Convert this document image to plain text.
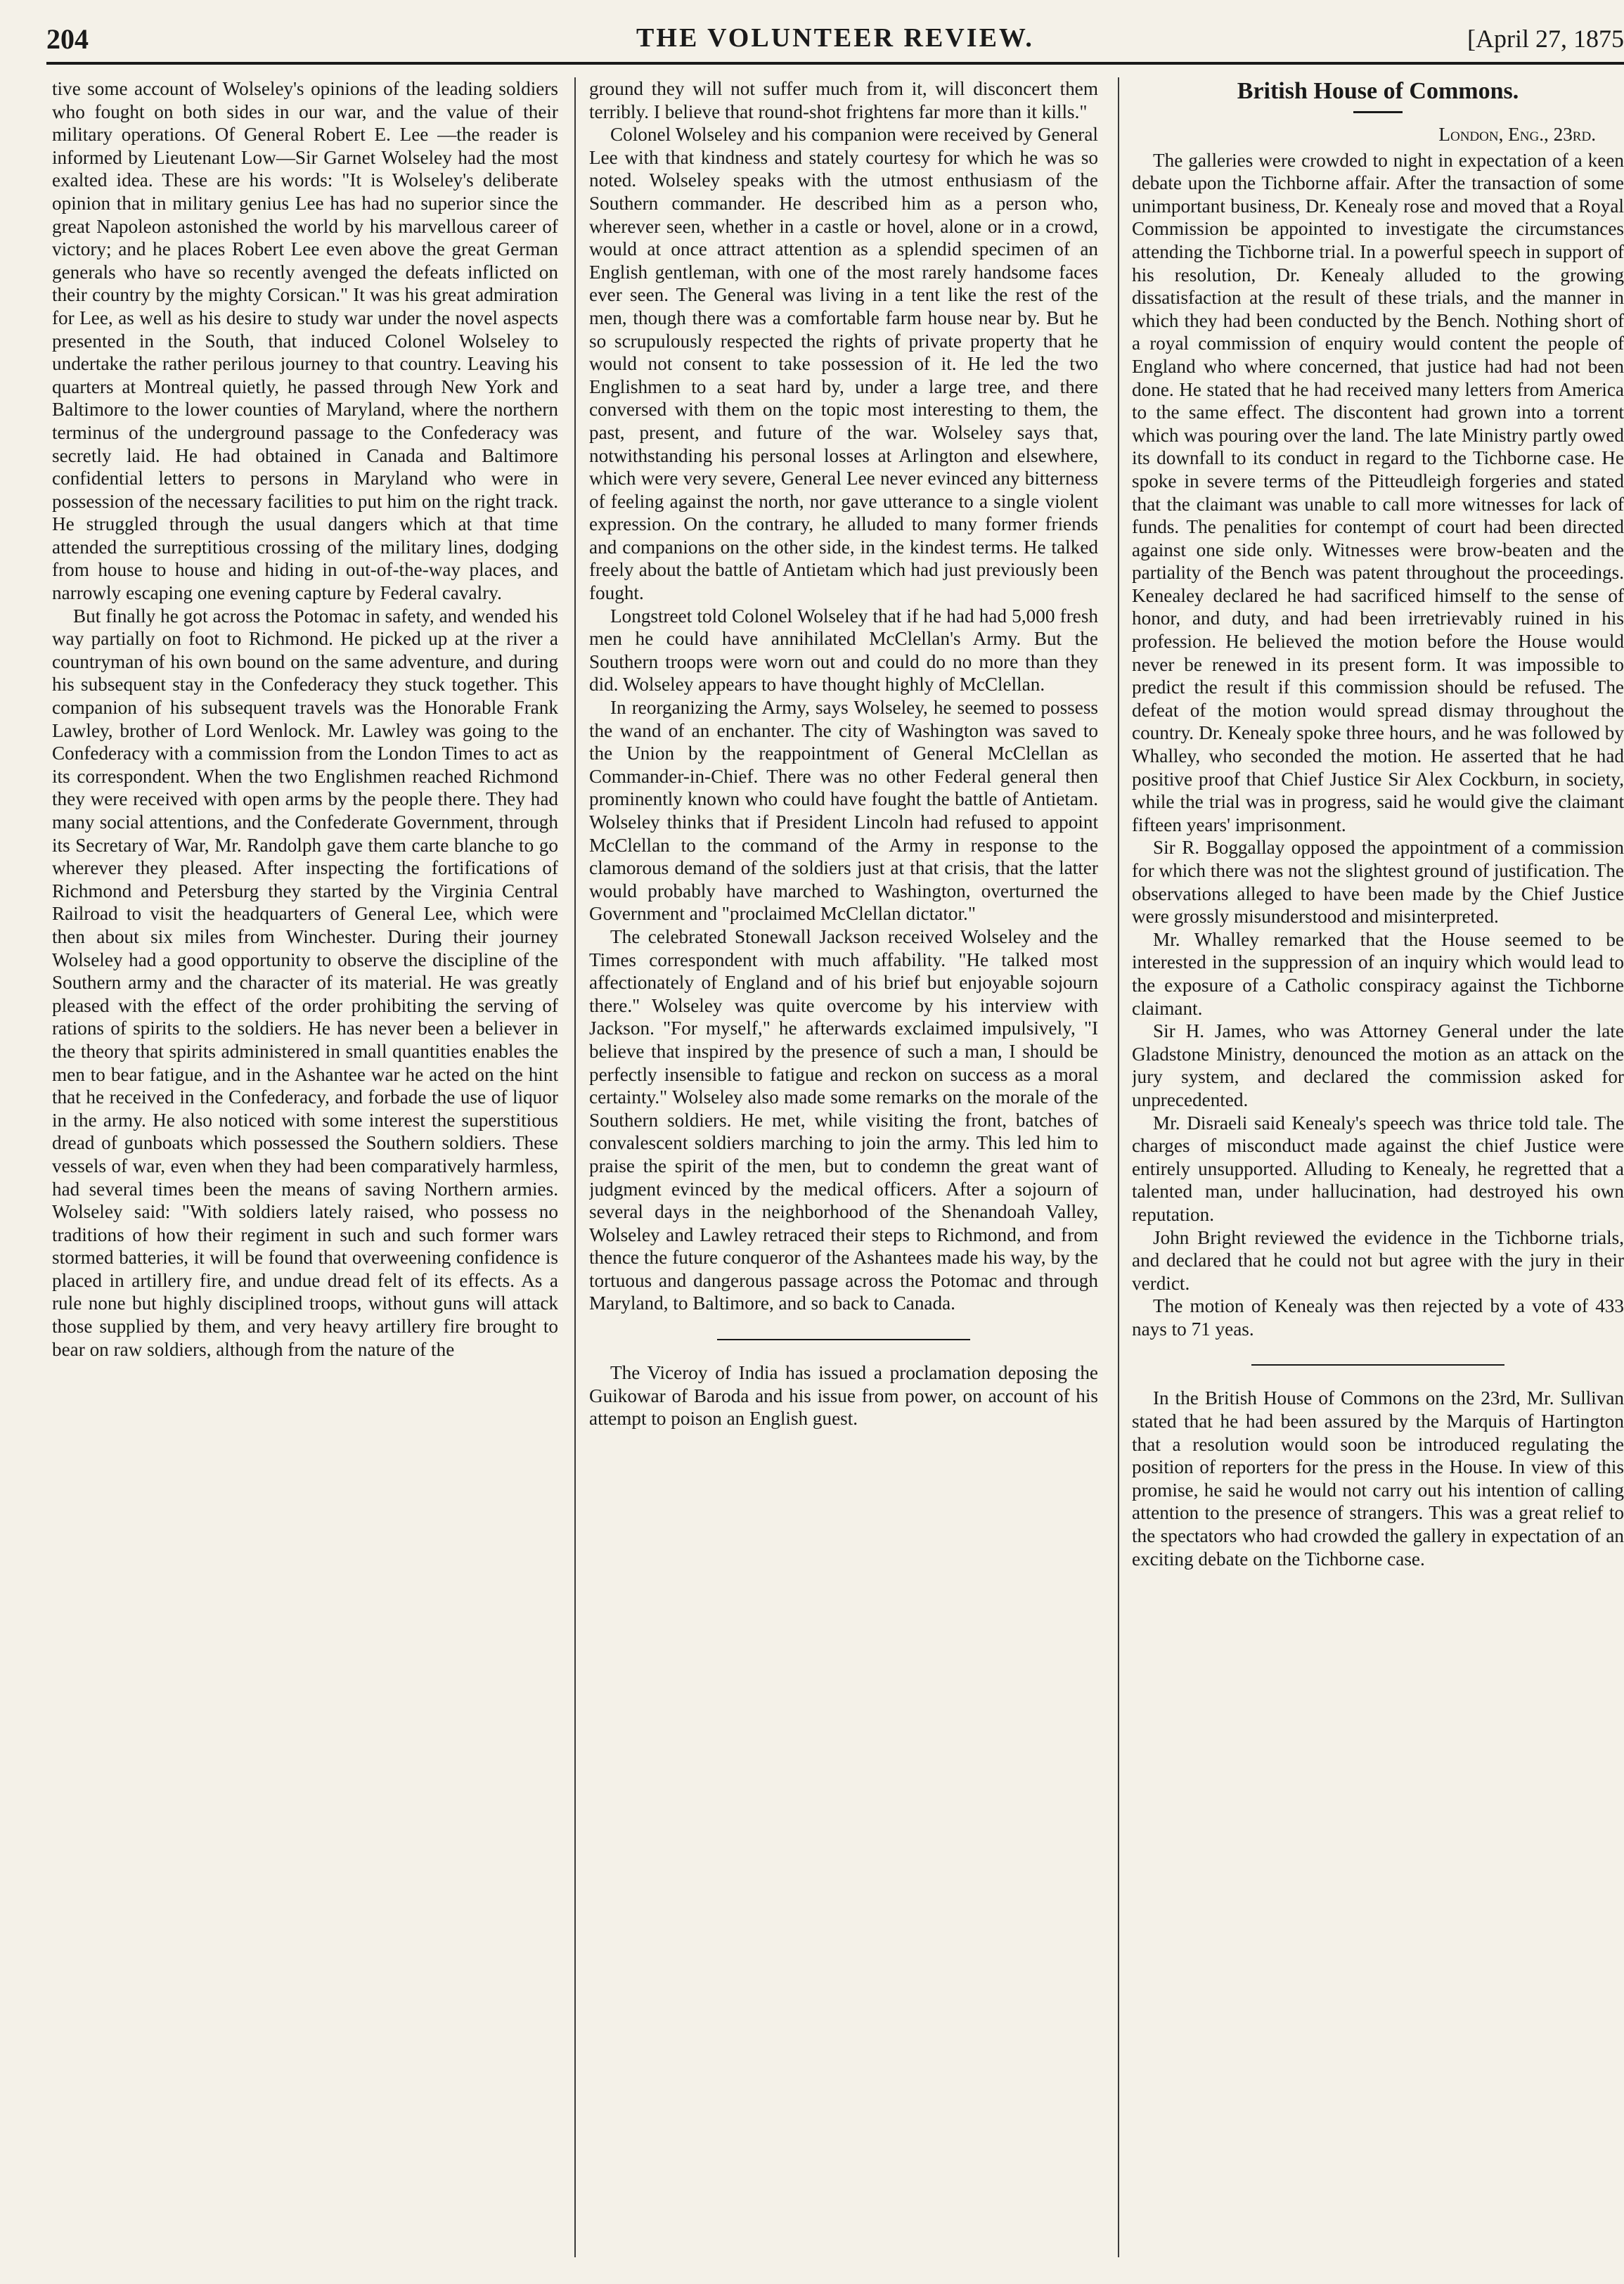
204	THE VOLUNTEER REVIEW.	[April 27, 1875

tive some account of Wolseley's opinions of the leading soldiers who fought on both sides in our war, and the value of their military operations. Of General Robert E. Lee —the reader is informed by Lieutenant Low—Sir Garnet Wolseley had the most exalted idea. These are his words: "It is Wolseley's deliberate opinion that in military genius Lee has had no superior since the great Napoleon astonished the world by his marvellous career of victory; and he places Robert Lee even above the great German generals who have so recently avenged the defeats inflicted on their country by the mighty Corsican." It was his great admiration for Lee, as well as his desire to study war under the novel aspects presented in the South, that induced Colonel Wolseley to undertake the rather perilous journey to that country. Leaving his quarters at Montreal quietly, he passed through New York and Baltimore to the lower counties of Maryland, where the northern terminus of the underground passage to the Confederacy was secretly laid. He had obtained in Canada and Baltimore confidential letters to persons in Maryland who were in possession of the necessary facilities to put him on the right track. He struggled through the usual dangers which at that time attended the surreptitious crossing of the military lines, dodging from house to house and hiding in out-of-the-way places, and narrowly escaping one evening capture by Federal cavalry.

But finally he got across the Potomac in safety, and wended his way partially on foot to Richmond. He picked up at the river a countryman of his own bound on the same adventure, and during his subsequent stay in the Confederacy they stuck together. This companion of his subsequent travels was the Honorable Frank Lawley, brother of Lord Wenlock. Mr. Lawley was going to the Confederacy with a commission from the London Times to act as its correspondent. When the two Englishmen reached Richmond they were received with open arms by the people there. They had many social attentions, and the Confederate Government, through its Secretary of War, Mr. Randolph gave them carte blanche to go wherever they pleased. After inspecting the fortifications of Richmond and Petersburg they started by the Virginia Central Railroad to visit the headquarters of General Lee, which were then about six miles from Winchester. During their journey Wolseley had a good opportunity to observe the discipline of the Southern army and the character of its material. He was greatly pleased with the effect of the order prohibiting the serving of rations of spirits to the soldiers. He has never been a believer in the theory that spirits administered in small quantities enables the men to bear fatigue, and in the Ashantee war he acted on the hint that he received in the Confederacy, and forbade the use of liquor in the army. He also noticed with some interest the superstitious dread of gunboats which possessed the Southern soldiers. These vessels of war, even when they had been comparatively harmless, had several times been the means of saving Northern armies. Wolseley said: "With soldiers lately raised, who possess no traditions of how their regiment in such and such former wars stormed batteries, it will be found that overweening confidence is placed in artillery fire, and undue dread felt of its effects. As a rule none but highly disciplined troops, without guns will attack those supplied by them, and very heavy artillery fire brought to bear on raw soldiers, although from the nature of the

ground they will not suffer much from it, will disconcert them terribly. I believe that round-shot frightens far more than it kills."

Colonel Wolseley and his companion were received by General Lee with that kindness and stately courtesy for which he was so noted. Wolseley speaks with the utmost enthusiasm of the Southern commander. He described him as a person who, wherever seen, whether in a castle or hovel, alone or in a crowd, would at once attract attention as a splendid specimen of an English gentleman, with one of the most rarely handsome faces ever seen. The General was living in a tent like the rest of the men, though there was a comfortable farm house near by. But he so scrupulously respected the rights of private property that he would not consent to take possession of it. He led the two Englishmen to a seat hard by, under a large tree, and there conversed with them on the topic most interesting to them, the past, present, and future of the war. Wolseley says that, notwithstanding his personal losses at Arlington and elsewhere, which were very severe, General Lee never evinced any bitterness of feeling against the north, nor gave utterance to a single violent expression. On the contrary, he alluded to many former friends and companions on the other side, in the kindest terms. He talked freely about the battle of Antietam which had just previously been fought.

Longstreet told Colonel Wolseley that if he had had 5,000 fresh men he could have annihilated McClellan's Army. But the Southern troops were worn out and could do no more than they did. Wolseley appears to have thought highly of McClellan.

In reorganizing the Army, says Wolseley, he seemed to possess the wand of an enchanter. The city of Washington was saved to the Union by the reappointment of General McClellan as Commander-in-Chief. There was no other Federal general then prominently known who could have fought the battle of Antietam. Wolseley thinks that if President Lincoln had refused to appoint McClellan to the command of the Army in response to the clamorous demand of the soldiers just at that crisis, that the latter would probably have marched to Washington, overturned the Government and "proclaimed McClellan dictator."

The celebrated Stonewall Jackson received Wolseley and the Times correspondent with much affability. "He talked most affectionately of England and of his brief but enjoyable sojourn there." Wolseley was quite overcome by his interview with Jackson. "For myself," he afterwards exclaimed impulsively, "I believe that inspired by the presence of such a man, I should be perfectly insensible to fatigue and reckon on success as a moral certainty." Wolseley also made some remarks on the morale of the Southern soldiers. He met, while visiting the front, batches of convalescent soldiers marching to join the army. This led him to praise the spirit of the men, but to condemn the great want of judgment evinced by the medical officers. After a sojourn of several days in the neighborhood of the Shenandoah Valley, Wolseley and Lawley retraced their steps to Richmond, and from thence the future conqueror of the Ashantees made his way, by the tortuous and dangerous passage across the Potomac and through Maryland, to Baltimore, and so back to Canada.

The Viceroy of India has issued a proclamation deposing the Guikowar of Baroda and his issue from power, on account of his attempt to poison an English guest.

British House of Commons.
London, Eng., 23rd.

The galleries were crowded to night in expectation of a keen debate upon the Tichborne affair. After the transaction of some unimportant business, Dr. Kenealy rose and moved that a Royal Commission be appointed to investigate the circumstances attending the Tichborne trial. In a powerful speech in support of his resolution, Dr. Kenealy alluded to the growing dissatisfaction at the result of these trials, and the manner in which they had been conducted by the Bench. Nothing short of a royal commission of enquiry would content the people of England who where concerned, that justice had had not been done. He stated that he had received many letters from America to the same effect. The discontent had grown into a torrent which was pouring over the land. The late Ministry partly owed its downfall to its conduct in regard to the Tichborne case. He spoke in severe terms of the Pitteudleigh forgeries and stated that the claimant was unable to call more witnesses for lack of funds. The penalities for contempt of court had been directed against one side only. Witnesses were brow-beaten and the partiality of the Bench was patent throughout the proceedings. Kenealey declared he had sacrificed himself to the sense of honor, and duty, and had been irretrievably ruined in his profession. He believed the motion before the House would never be renewed in its present form. It was impossible to predict the result if this commission should be refused. The defeat of the motion would spread dismay throughout the country. Dr. Kenealy spoke three hours, and he was followed by Whalley, who seconded the motion. He asserted that he had positive proof that Chief Justice Sir Alex Cockburn, in society, while the trial was in progress, said he would give the claimant fifteen years' imprisonment.

Sir R. Boggallay opposed the appointment of a commission for which there was not the slightest ground of justification. The observations alleged to have been made by the Chief Justice were grossly misunderstood and misinterpreted.

Mr. Whalley remarked that the House seemed to be interested in the suppression of an inquiry which would lead to the exposure of a Catholic conspiracy against the Tichborne claimant.

Sir H. James, who was Attorney General under the late Gladstone Ministry, denounced the motion as an attack on the jury system, and declared the commission asked for unprecedented.

Mr. Disraeli said Kenealy's speech was thrice told tale. The charges of misconduct made against the chief Justice were entirely unsupported. Alluding to Kenealy, he regretted that a talented man, under hallucination, had destroyed his own reputation.

John Bright reviewed the evidence in the Tichborne trials, and declared that he could not but agree with the jury in their verdict.

The motion of Kenealy was then rejected by a vote of 433 nays to 71 yeas.

In the British House of Commons on the 23rd, Mr. Sullivan stated that he had been assured by the Marquis of Hartington that a resolution would soon be introduced regulating the position of reporters for the press in the House. In view of this promise, he said he would not carry out his intention of calling attention to the presence of strangers. This was a great relief to the spectators who had crowded the gallery in expectation of an exciting debate on the Tichborne case.
